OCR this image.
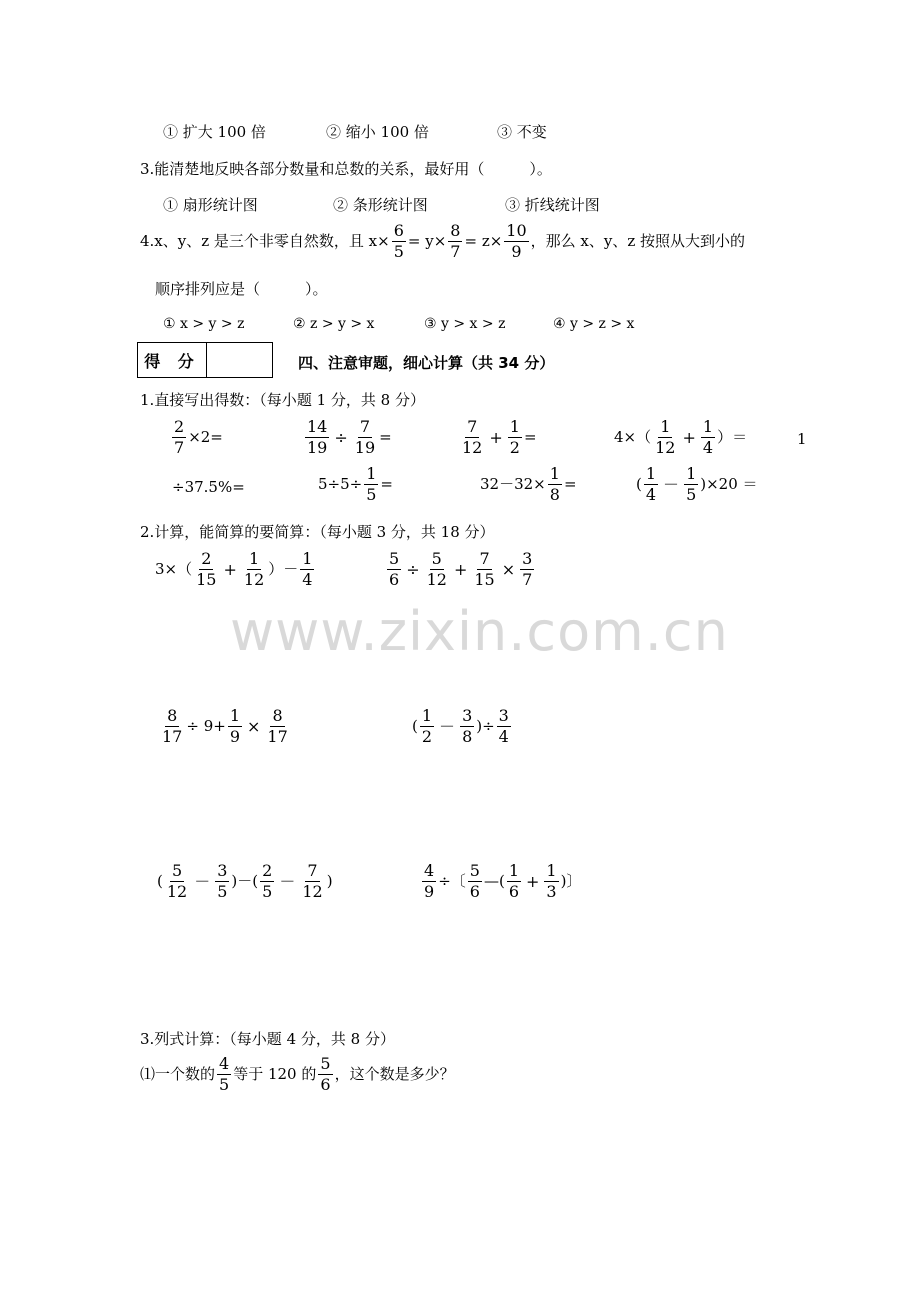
www.zixin.com.cn
① 扩大 100 倍	② 缩小 100 倍	③ 不变
3.能清楚地反映各部分数量和总数的关系，最好用（　　　）。
① 扇形统计图	② 条形统计图	③ 折线统计图
4.x、y、z 是三个非零自然数，且 $x\times \frac{6}{5} = y\times \frac{8}{7} = z\times \frac{10}{9}$ ，那么 x、y、z 按照从大到小的
顺序排列应是（　　　）。
① x > y > z	② z > y > x	③ y > x > z	④ y > z > x
得 分	四、注意审题，细心计算（共 34 分）
1.直接写出得数：（每小题 1 分，共 8 分）
$\frac{2}{7} \times 2=$	$\frac{14}{19} \div \frac{7}{19}$ =	$\frac{7}{12} + \frac{1}{2}$ =	$4\times( \frac{1}{12} + \frac{1}{4}$ ）＝	1
÷37.5%=	$5\div 5\div \frac{1}{5}$ =	$32-32\times \frac{1}{8}$ =	( $\frac{1}{4} - \frac{1}{5} )\times 20$ ＝
2.计算，能简算的要简算：（每小题 3 分，共 18 分）
$3\times( \frac{2}{15} + \frac{1}{12}$ ）－ $\frac{1}{4}$	$\frac{5}{6} \div \frac{5}{12} + \frac{7}{15} \times \frac{3}{7}$
$\frac{8}{17} \div 9+ \frac{1}{9} \times \frac{8}{17}$	( $\frac{1}{2} - \frac{3}{8}$ )÷ $\frac{3}{4}$
( $\frac{5}{12} - \frac{3}{5}$ )－( $\frac{2}{5} - \frac{7}{12}$ )	$\frac{4}{9}$ ÷〔 $\frac{5}{6}$ —( $\frac{1}{6} + \frac{1}{3}$ )〕
3.列式计算：（每小题 4 分，共 8 分）
⑴一个数的 $\frac{4}{5}$ 等于 120 的 $\frac{5}{6}$ ，这个数是多少？
